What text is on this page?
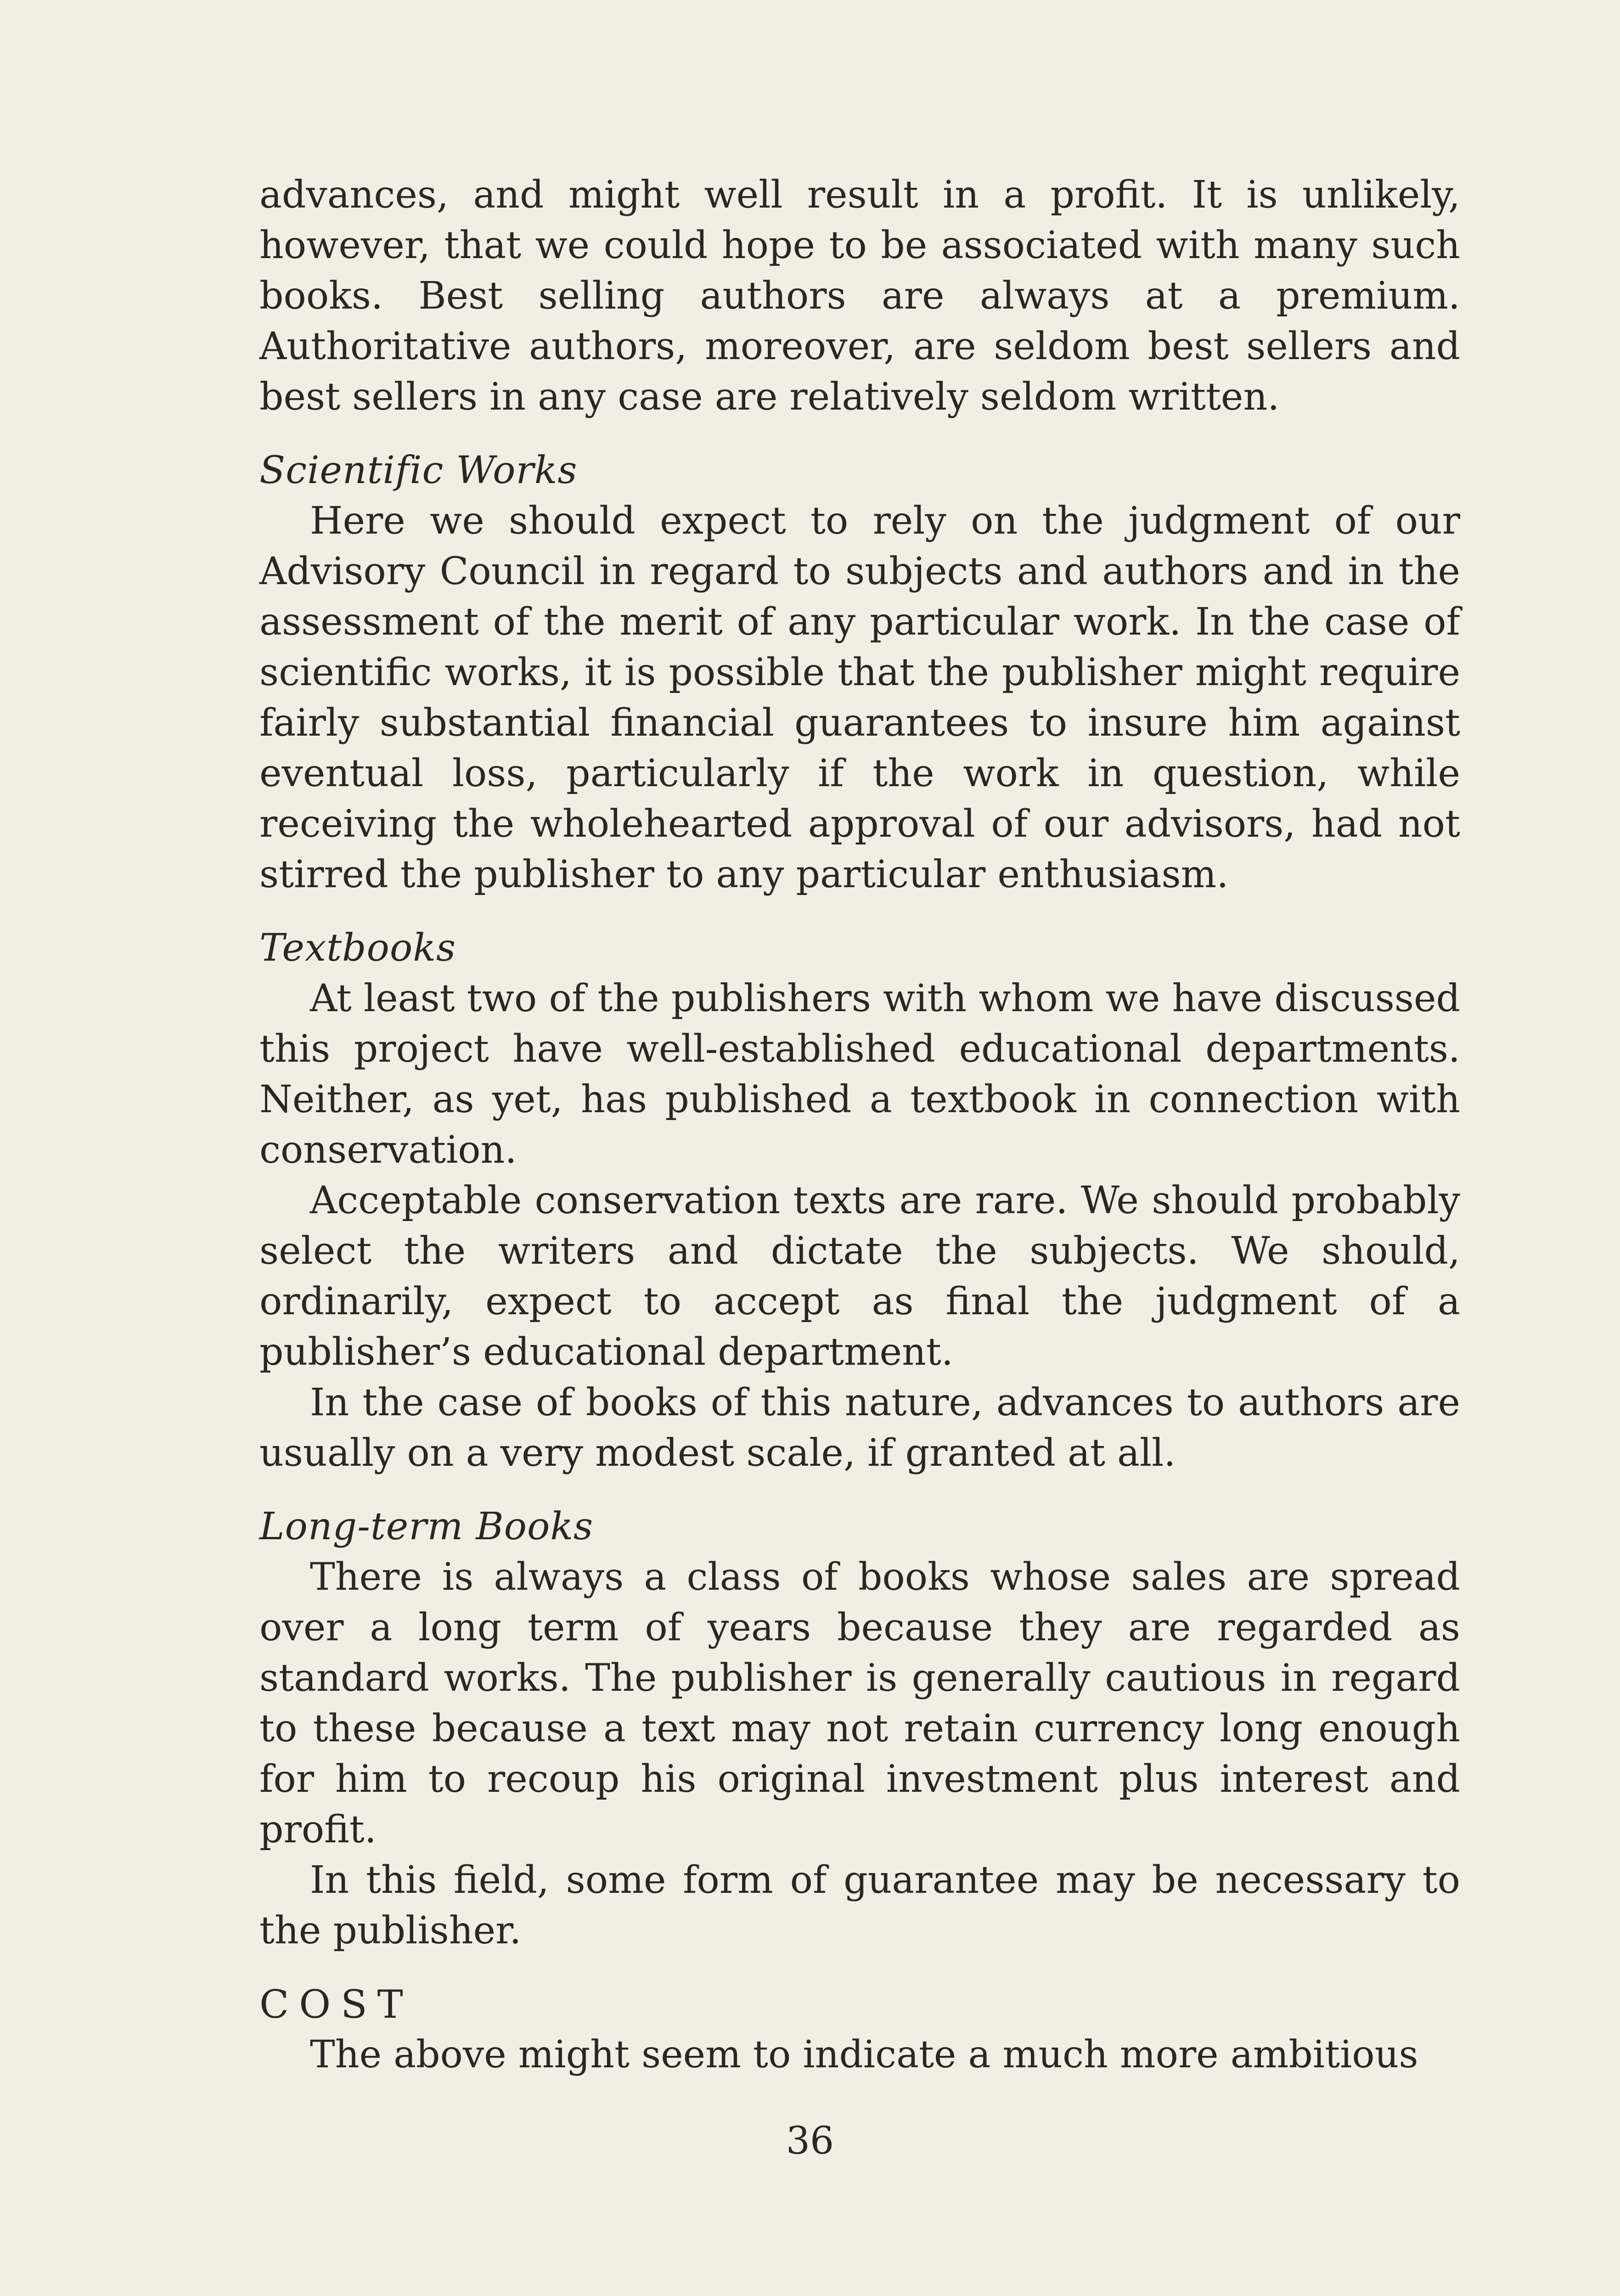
advances, and might well result in a profit. It is unlikely, however, that we could hope to be associated with many such books. Best selling authors are always at a premium. Authoritative authors, moreover, are seldom best sellers and best sellers in any case are relatively seldom written.

Scientific Works

Here we should expect to rely on the judgment of our Advisory Council in regard to subjects and authors and in the assessment of the merit of any particular work. In the case of scientific works, it is possible that the publisher might require fairly substantial financial guarantees to insure him against eventual loss, particularly if the work in question, while receiving the wholehearted approval of our advisors, had not stirred the publisher to any particular enthusiasm.

Textbooks

At least two of the publishers with whom we have discussed this project have well-established educational departments. Neither, as yet, has published a textbook in connection with conservation.

Acceptable conservation texts are rare. We should probably select the writers and dictate the subjects. We should, ordinarily, expect to accept as final the judgment of a publisher’s educational department.

In the case of books of this nature, advances to authors are usually on a very modest scale, if granted at all.

Long-term Books

There is always a class of books whose sales are spread over a long term of years because they are regarded as standard works. The publisher is generally cautious in regard to these because a text may not retain currency long enough for him to recoup his original investment plus interest and profit.

In this field, some form of guarantee may be necessary to the publisher.

COST

The above might seem to indicate a much more ambitious

36
